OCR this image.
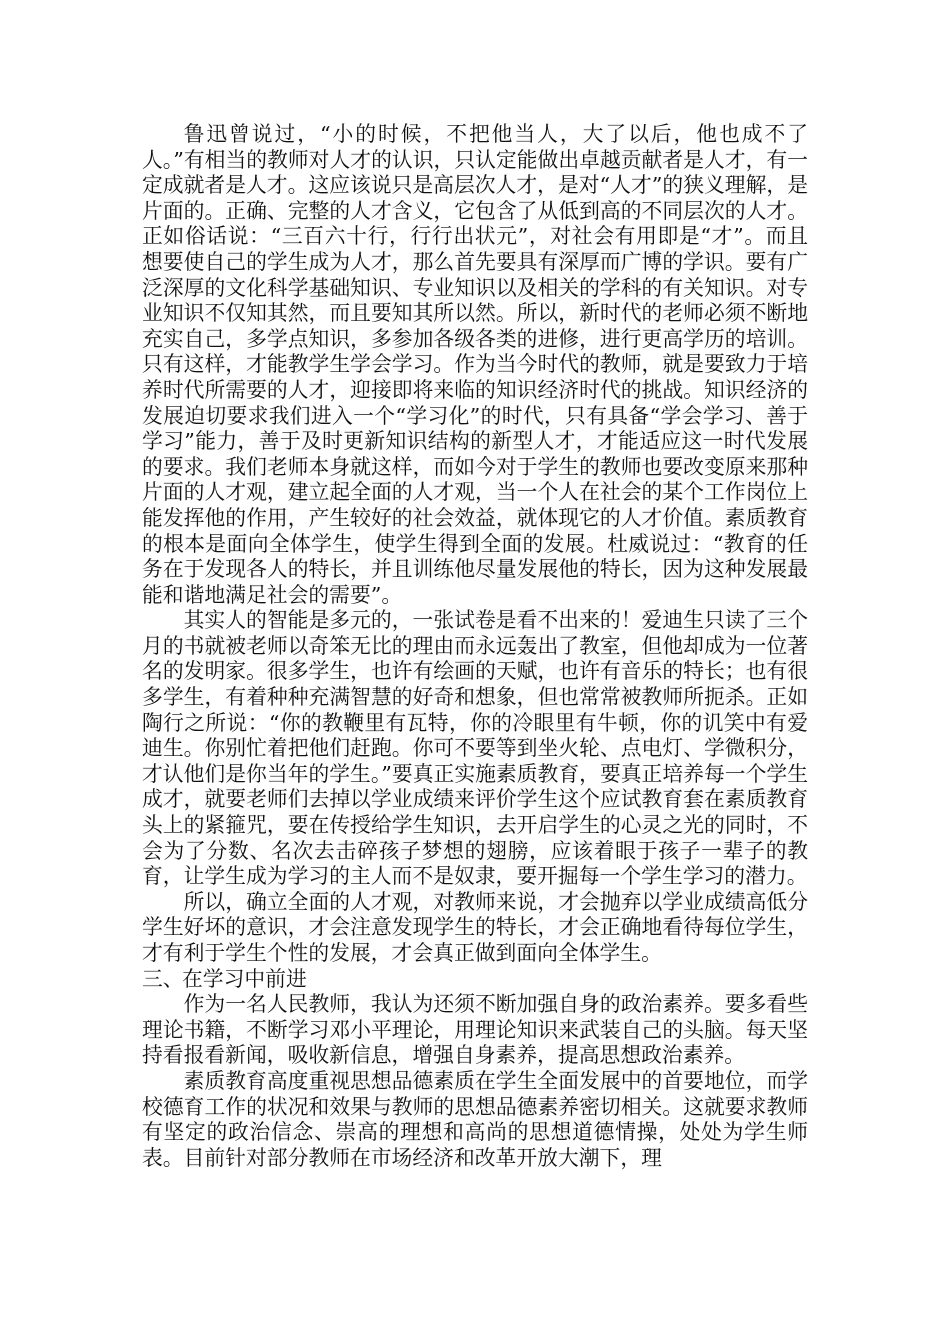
鲁迅曾说过，“小的时候，不把他当人，大了以后，他也成不了人。”有相当的教师对人才的认识，只认定能做出卓越贡献者是人才，有一定成就者是人才。这应该说只是高层次人才，是对“人才”的狭义理解，是片面的。正确、完整的人才含义，它包含了从低到高的不同层次的人才。正如俗话说：“三百六十行，行行出状元”，对社会有用即是“才”。而且想要使自己的学生成为人才，那么首先要具有深厚而广博的学识。要有广泛深厚的文化科学基础知识、专业知识以及相关的学科的有关知识。对专业知识不仅知其然，而且要知其所以然。所以，新时代的老师必须不断地充实自己，多学点知识，多参加各级各类的进修，进行更高学历的培训。只有这样，才能教学生学会学习。作为当今时代的教师，就是要致力于培养时代所需要的人才，迎接即将来临的知识经济时代的挑战。知识经济的发展迫切要求我们进入一个“学习化”的时代，只有具备“学会学习、善于学习”能力，善于及时更新知识结构的新型人才，才能适应这一时代发展的要求。我们老师本身就这样，而如今对于学生的教师也要改变原来那种片面的人才观，建立起全面的人才观，当一个人在社会的某个工作岗位上能发挥他的作用，产生较好的社会效益，就体现它的人才价值。素质教育的根本是面向全体学生，使学生得到全面的发展。杜威说过：“教育的任务在于发现各人的特长，并且训练他尽量发展他的特长，因为这种发展最能和谐地满足社会的需要”。

其实人的智能是多元的，一张试卷是看不出来的！爱迪生只读了三个月的书就被老师以奇笨无比的理由而永远轰出了教室，但他却成为一位著名的发明家。很多学生，也许有绘画的天赋，也许有音乐的特长；也有很多学生，有着种种充满智慧的好奇和想象，但也常常被教师所扼杀。正如陶行之所说：“你的教鞭里有瓦特，你的冷眼里有牛顿，你的讥笑中有爱迪生。你别忙着把他们赶跑。你可不要等到坐火轮、点电灯、学微积分，才认他们是你当年的学生。”要真正实施素质教育，要真正培养每一个学生成才，就要老师们去掉以学业成绩来评价学生这个应试教育套在素质教育头上的紧箍咒，要在传授给学生知识，去开启学生的心灵之光的同时，不会为了分数、名次去击碎孩子梦想的翅膀，应该着眼于孩子一辈子的教育，让学生成为学习的主人而不是奴隶，要开掘每一个学生学习的潜力。

所以，确立全面的人才观，对教师来说，才会抛弃以学业成绩高低分学生好坏的意识，才会注意发现学生的特长，才会正确地看待每位学生，才有利于学生个性的发展，才会真正做到面向全体学生。

三、在学习中前进

作为一名人民教师，我认为还须不断加强自身的政治素养。要多看些理论书籍，不断学习邓小平理论，用理论知识来武装自己的头脑。每天坚持看报看新闻，吸收新信息，增强自身素养，提高思想政治素养。

素质教育高度重视思想品德素质在学生全面发展中的首要地位，而学校德育工作的状况和效果与教师的思想品德素养密切相关。这就要求教师有坚定的政治信念、崇高的理想和高尚的思想道德情操，处处为学生师表。目前针对部分教师在市场经济和改革开放大潮下，理
